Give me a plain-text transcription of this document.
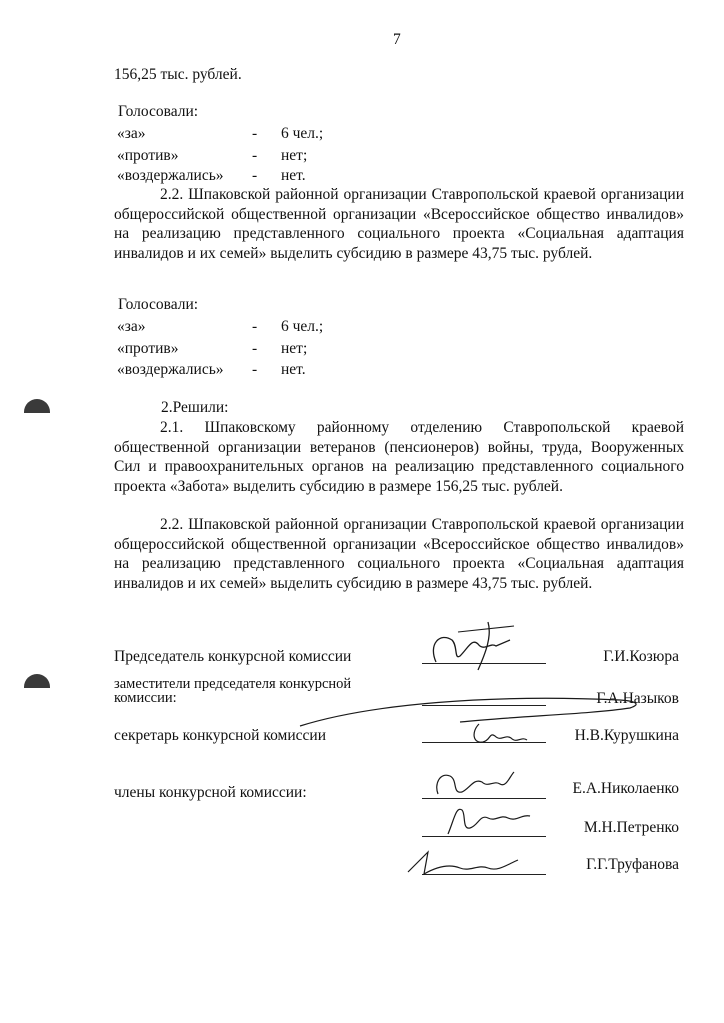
7
156,25 тыс. рублей.
Голосовали:
«за»	- 6 чел.;
«против»	- нет;
«воздержались» - нет.
2.2. Шпаковской районной организации Ставропольской краевой организации общероссийской общественной организации «Всероссийское общество инвалидов» на реализацию представленного социального проекта «Социальная адаптация инвалидов и их семей» выделить субсидию в размере 43,75 тыс. рублей.
Голосовали:
«за»	- 6 чел.;
«против»	- нет;
«воздержались» - нет.
2.Решили:
2.1. Шпаковскому районному отделению Ставропольской краевой общественной организации ветеранов (пенсионеров) войны, труда, Вооруженных Сил и правоохранительных органов на реализацию представленного социального проекта «Забота» выделить субсидию в размере 156,25 тыс. рублей.
2.2. Шпаковской районной организации Ставропольской краевой организации общероссийской общественной организации «Всероссийское общество инвалидов» на реализацию представленного социального проекта «Социальная адаптация инвалидов и их семей» выделить субсидию в размере 43,75 тыс. рублей.
Председатель конкурсной комиссии	Г.И.Козюра
заместители председателя конкурсной
комиссии:	Г.А.Назыков
секретарь конкурсной комиссии	Н.В.Курушкина
члены конкурсной комиссии:	Е.А.Николаенко
М.Н.Петренко
Г.Г.Труфанова
